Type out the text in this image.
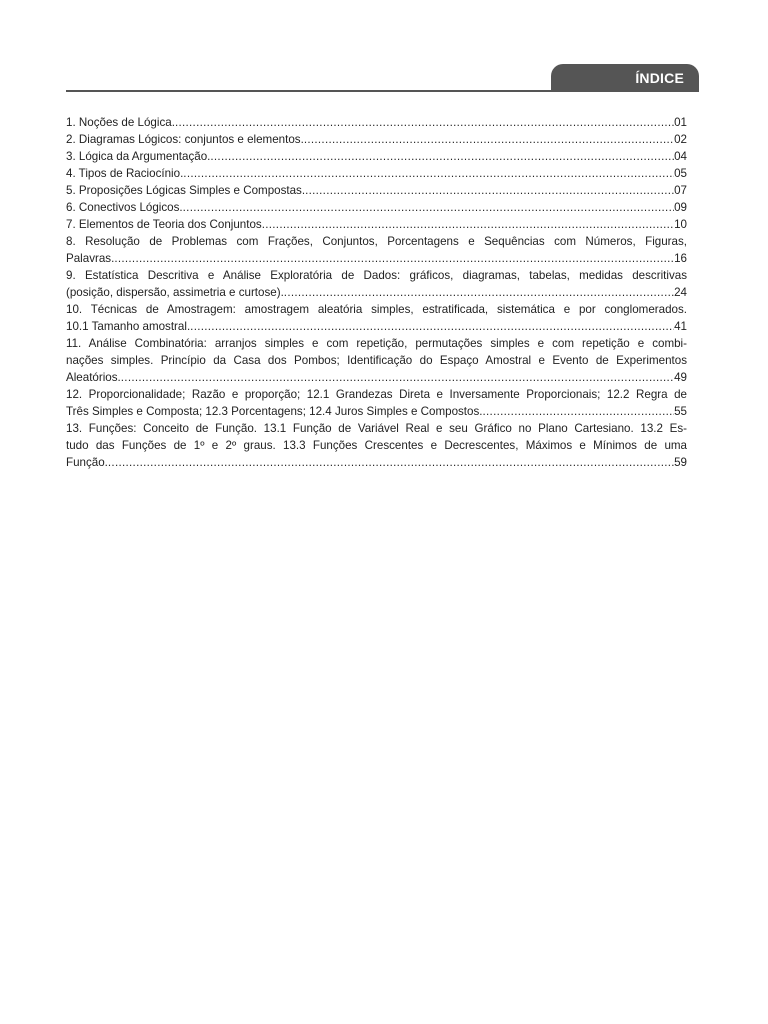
ÍNDICE
1. Noções de Lógica. .....	01
2. Diagramas Lógicos: conjuntos e elementos. .....	02
3. Lógica da Argumentação. .....	04
4. Tipos de Raciocínio. .....	05
5. Proposições Lógicas Simples e Compostas. .....	07
6. Conectivos Lógicos. .....	09
7. Elementos de Teoria dos Conjuntos .....	10
8. Resolução de Problemas com Frações, Conjuntos, Porcentagens e Sequências com Números, Figuras,
Palavras. .....	16
9. Estatística Descritiva e Análise Exploratória de Dados: gráficos, diagramas, tabelas, medidas descritivas
(posição, dispersão, assimetria e curtose). .....	24
10. Técnicas de Amostragem: amostragem aleatória simples, estratificada, sistemática e por conglomerados.
10.1 Tamanho amostral. .....	41
11. Análise Combinatória: arranjos simples e com repetição, permutações simples e com repetição e combi-
nações simples. Princípio da Casa dos Pombos; Identificação do Espaço Amostral e Evento de Experimentos
Aleatórios. .....	49
12. Proporcionalidade; Razão e proporção; 12.1 Grandezas Direta e Inversamente Proporcionais; 12.2 Regra de
Três Simples e Composta; 12.3 Porcentagens; 12.4 Juros Simples e Compostos. .....	55
13. Funções: Conceito de Função. 13.1 Função de Variável Real e seu Gráfico no Plano Cartesiano. 13.2 Es-
tudo das Funções de 1º e 2º graus. 13.3 Funções Crescentes e Decrescentes, Máximos e Mínimos de uma
Função. .....	59
